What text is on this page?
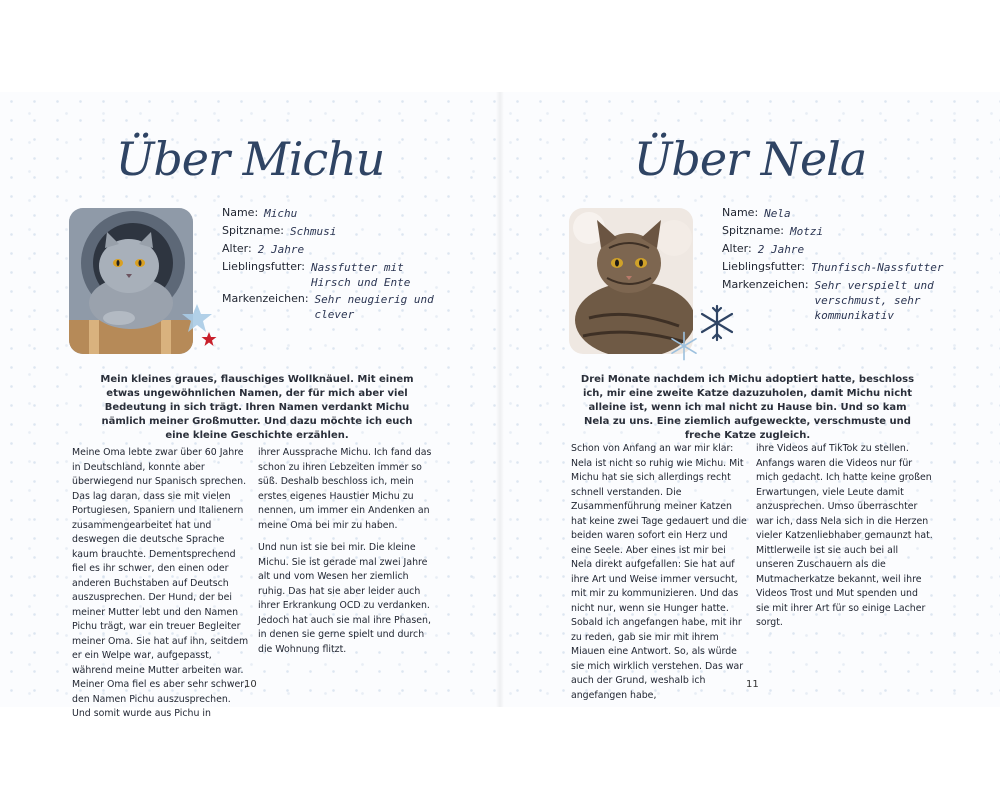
Über Michu
Name: Michu
Spitzname: Schmusi
Alter: 2 Jahre
Lieblingsfutter: Nassfutter mit Hirsch und Ente
Markenzeichen: Sehr neugierig und clever
Mein kleines graues, flauschiges Wollknäuel. Mit einem etwas ungewöhnlichen Namen, der für mich aber viel Bedeutung in sich trägt. Ihren Namen verdankt Michu nämlich meiner Großmutter. Und dazu möchte ich euch eine kleine Geschichte erzählen.

Meine Oma lebte zwar über 60 Jahre in Deutschland, konnte aber überwiegend nur Spanisch sprechen. Das lag daran, dass sie mit vielen Portugiesen, Spaniern und Italienern zusammengearbeitet hat und deswegen die deutsche Sprache kaum brauchte. Dementsprechend fiel es ihr schwer, den einen oder anderen Buchstaben auf Deutsch auszusprechen. Der Hund, der bei meiner Mutter lebt und den Namen Pichu trägt, war ein treuer Begleiter meiner Oma. Sie hat auf ihn, seitdem er ein Welpe war, aufgepasst, während meine Mutter arbeiten war. Meiner Oma fiel es aber sehr schwer, den Namen Pichu auszusprechen. Und somit wurde aus Pichu in

ihrer Aussprache Michu. Ich fand das schon zu ihren Lebzeiten immer so süß. Deshalb beschloss ich, mein erstes eigenes Haustier Michu zu nennen, um immer ein Andenken an meine Oma bei mir zu haben.

Und nun ist sie bei mir. Die kleine Michu. Sie ist gerade mal zwei Jahre alt und vom Wesen her ziemlich ruhig. Das hat sie aber leider auch ihrer Erkrankung OCD zu verdanken. Jedoch hat auch sie mal ihre Phasen, in denen sie gerne spielt und durch die Wohnung flitzt.

10
Über Nela
Name: Nela
Spitzname: Motzi
Alter: 2 Jahre
Lieblingsfutter: Thunfisch-Nassfutter
Markenzeichen: Sehr verspielt und verschmust, sehr kommunikativ
Drei Monate nachdem ich Michu adoptiert hatte, beschloss ich, mir eine zweite Katze dazuzuholen, damit Michu nicht alleine ist, wenn ich mal nicht zu Hause bin. Und so kam Nela zu uns. Eine ziemlich aufgeweckte, verschmuste und freche Katze zugleich.

Schon von Anfang an war mir klar: Nela ist nicht so ruhig wie Michu. Mit Michu hat sie sich allerdings recht schnell verstanden. Die Zusammenführung meiner Katzen hat keine zwei Tage gedauert und die beiden waren sofort ein Herz und eine Seele. Aber eines ist mir bei Nela direkt aufgefallen: Sie hat auf ihre Art und Weise immer versucht, mit mir zu kommunizieren. Und das nicht nur, wenn sie Hunger hatte. Sobald ich angefangen habe, mit ihr zu reden, gab sie mir mit ihrem Miauen eine Antwort. So, als würde sie mich wirklich verstehen. Das war auch der Grund, weshalb ich angefangen habe,

ihre Videos auf TikTok zu stellen. Anfangs waren die Videos nur für mich gedacht. Ich hatte keine großen Erwartungen, viele Leute damit anzusprechen. Umso überraschter war ich, dass Nela sich in die Herzen vieler Katzenliebhaber gemaunzt hat. Mittlerweile ist sie auch bei all unseren Zuschauern als die Mutmacherkatze bekannt, weil ihre Videos Trost und Mut spenden und sie mit ihrer Art für so einige Lacher sorgt.

11
